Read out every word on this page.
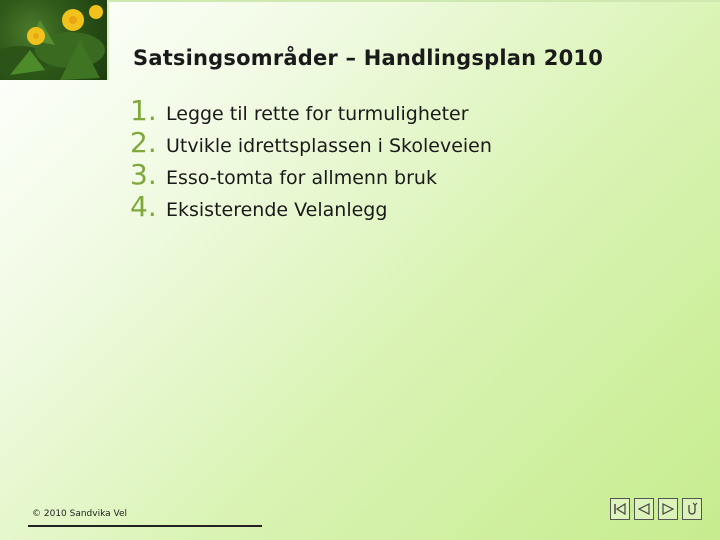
Satsingsområder – Handlingsplan 2010
1. Legge til rette for turmuligheter
2. Utvikle idrettsplassen i Skoleveien
3. Esso-tomta for allmenn bruk
4. Eksisterende Velanlegg
© 2010 Sandvika Vel
